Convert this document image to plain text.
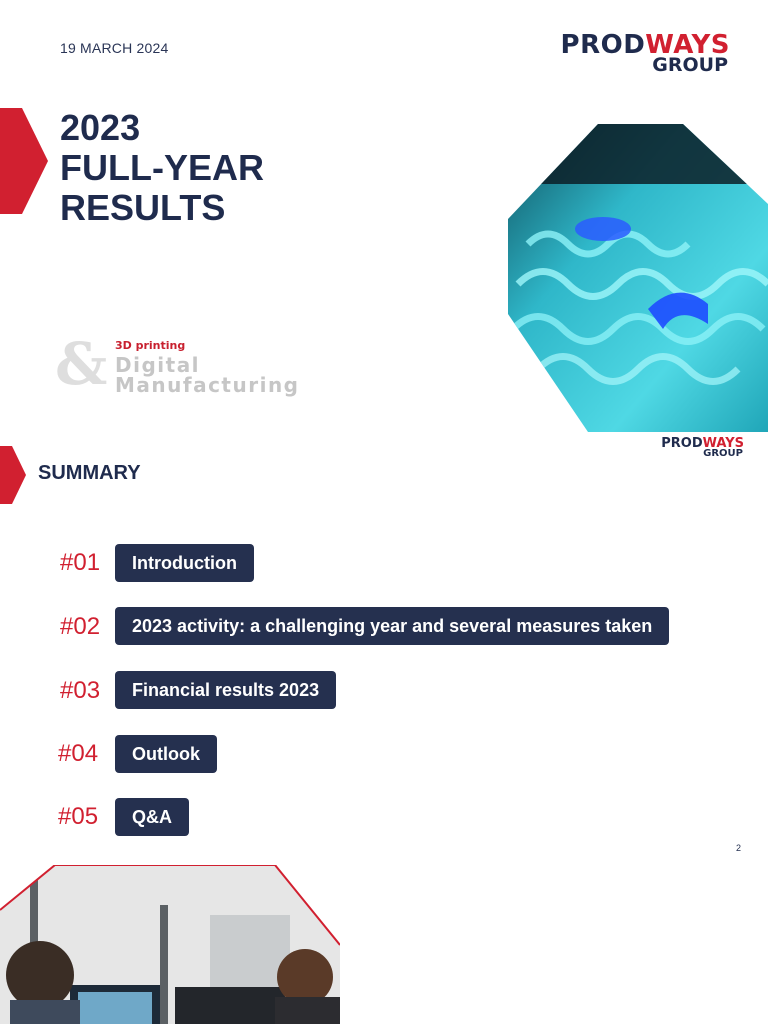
19 MARCH 2024	PRODWAYS
GROUP
2023
FULL-YEAR
RESULTS
& 3D printing
Digital
Manufacturing
PRODWAYS
GROUP
SUMMARY
#01	Introduction
#02	2023 activity: a challenging year and several measures taken
#03	Financial results 2023
#04	Outlook
#05	Q&A
2
